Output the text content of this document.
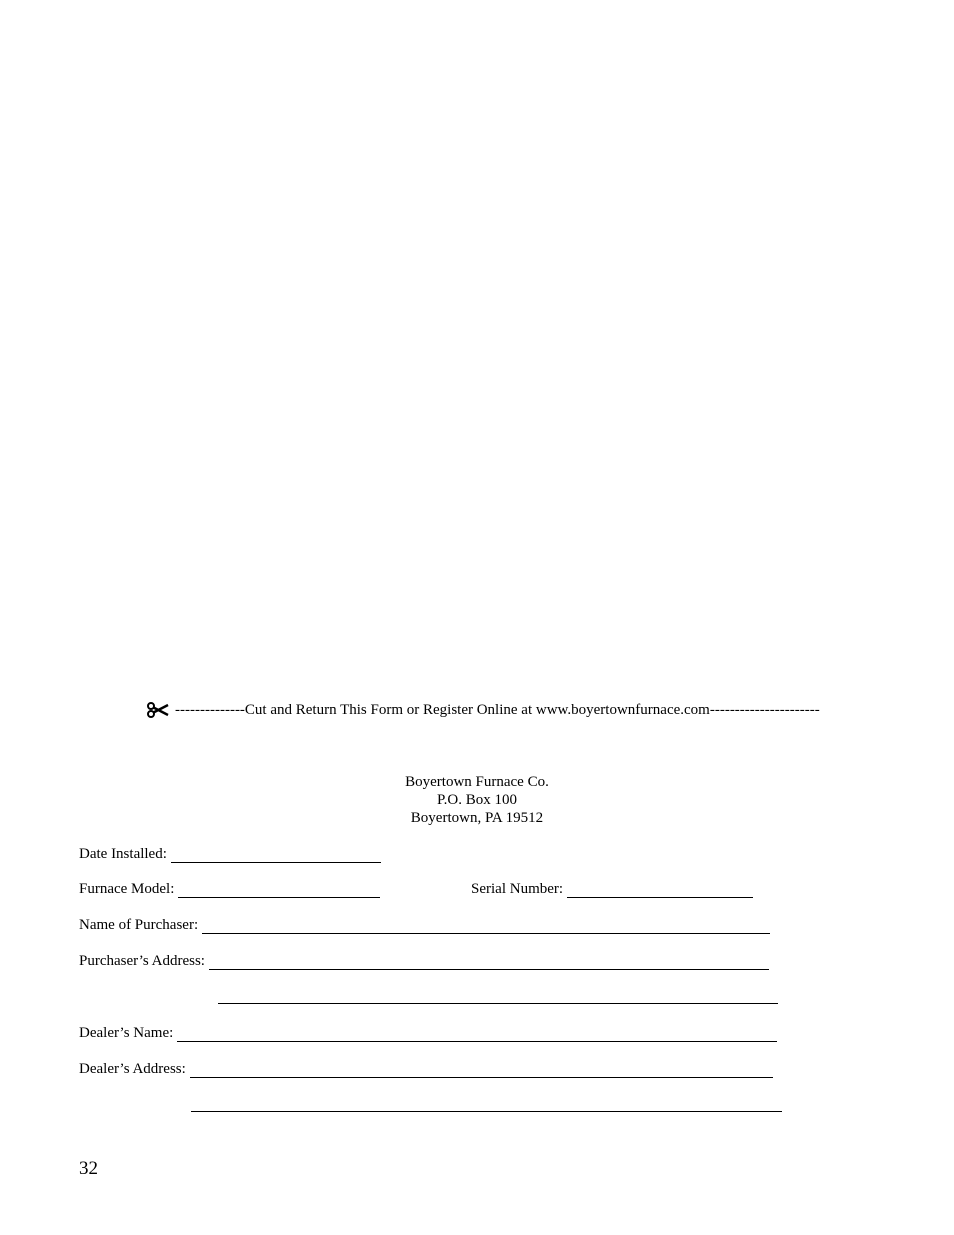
--------------Cut and Return This Form or Register Online at www.boyertownfurnace.com----------------------
Boyertown Furnace Co.
P.O. Box 100
Boyertown, PA 19512
Date Installed:
Furnace Model:	Serial Number:
Name of Purchaser:
Purchaser’s Address:
Dealer’s Name:
Dealer’s Address:
32
